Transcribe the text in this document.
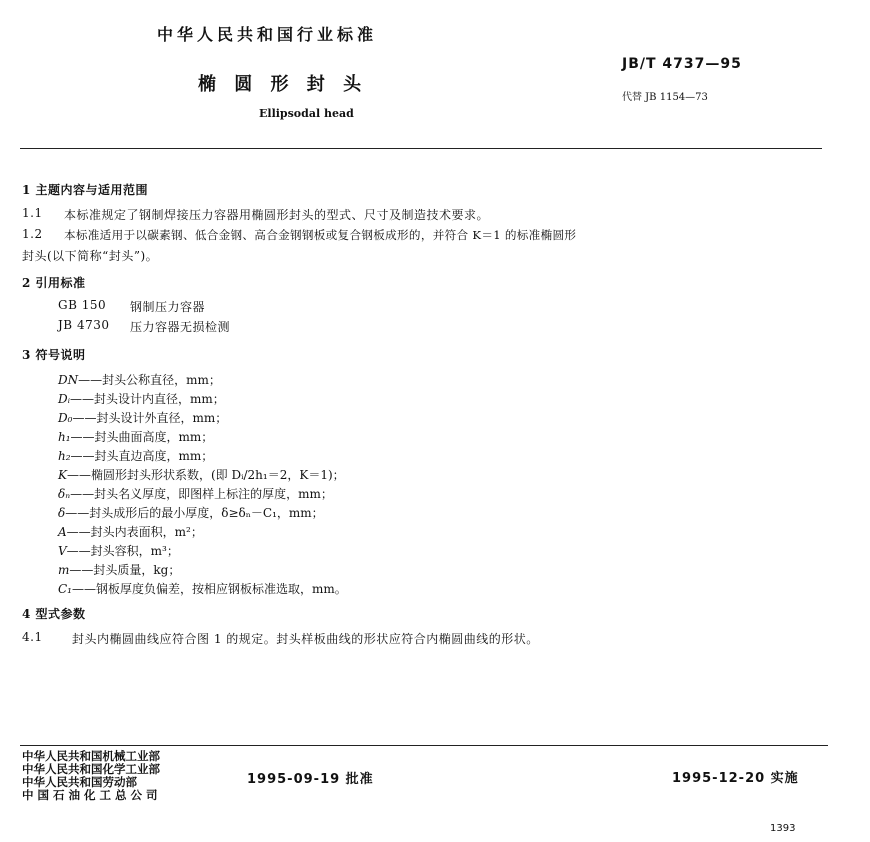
中华人民共和国行业标准
JB/T 4737—95
椭 圆 形 封 头
代替 JB 1154—73
Ellipsodal head
1 主题内容与适用范围
1.1 本标准规定了钢制焊接压力容器用椭圆形封头的型式、尺寸及制造技术要求。
1.2 本标准适用于以碳素钢、低合金钢、高合金钢钢板或复合钢板成形的，并符合 K＝1 的标准椭圆形
封头(以下简称“封头”)。
2 引用标准
GB 150 钢制压力容器
JB 4730 压力容器无损检测
3 符号说明
DN——封头公称直径，mm；
Dᵢ——封头设计内直径，mm；
D₀——封头设计外直径，mm；
h₁——封头曲面高度，mm；
h₂——封头直边高度，mm；
K——椭圆形封头形状系数，(即 Dᵢ/2h₁＝2，K＝1)；
δₙ——封头名义厚度，即图样上标注的厚度，mm；
δ——封头成形后的最小厚度，δ≥δₙ－C₁，mm；
A——封头内表面积，m²；
V——封头容积，m³；
m——封头质量，kg；
C₁——钢板厚度负偏差，按相应钢板标准选取，mm。
4 型式参数
4.1 封头内椭圆曲线应符合图 1 的规定。封头样板曲线的形状应符合内椭圆曲线的形状。
中华人民共和国机械工业部
中华人民共和国化学工业部
中华人民共和国劳动部
中 国 石 油 化 工 总 公 司
1995-09-19 批准	1995-12-20 实施
1393
